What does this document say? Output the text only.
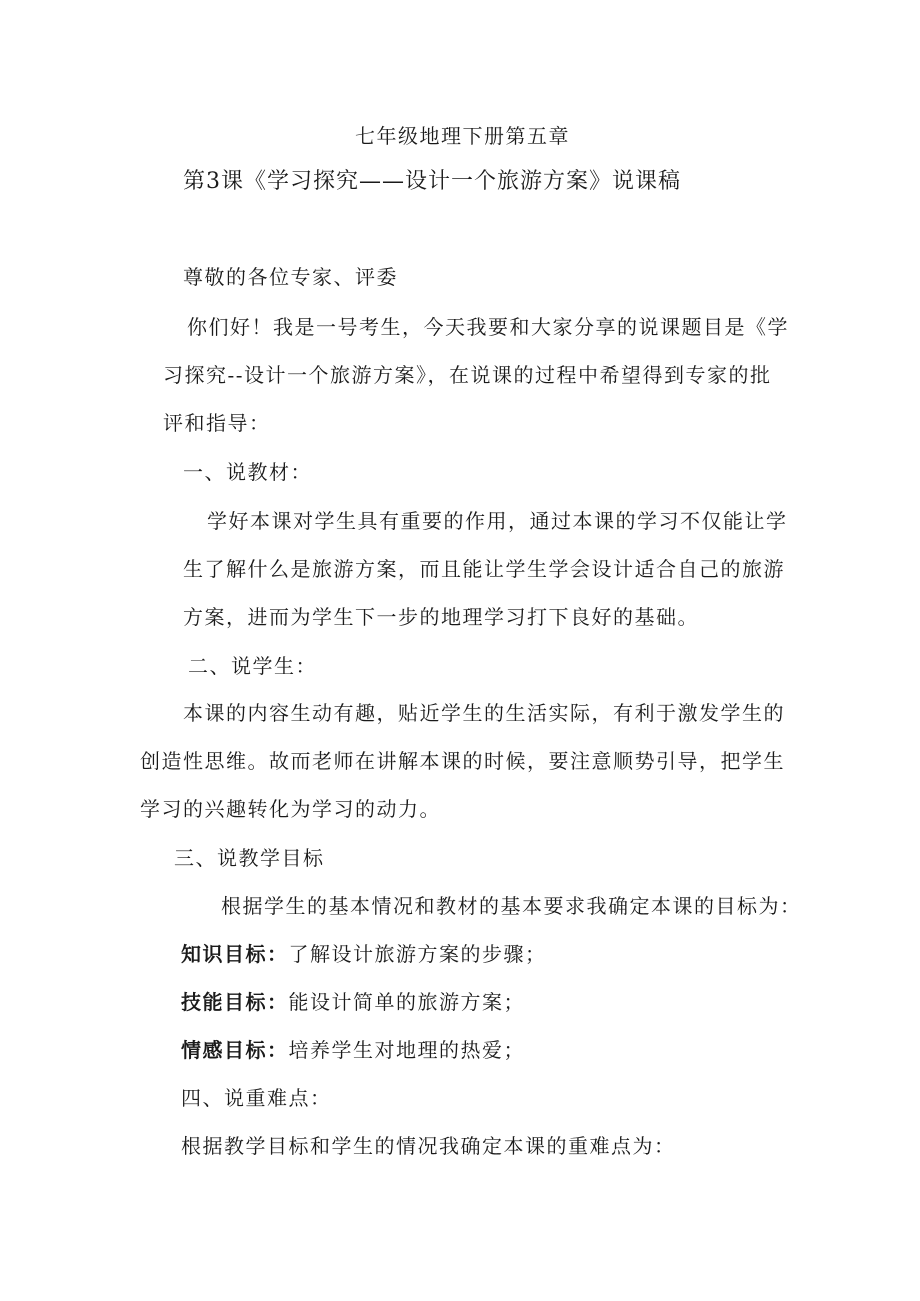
七年级地理下册第五章
第3课《学习探究——设计一个旅游方案》说课稿
尊敬的各位专家、评委
你们好！我是一号考生，今天我要和大家分享的说课题目是《学
习探究--设计一个旅游方案》，在说课的过程中希望得到专家的批
评和指导：
一、说教材：
学好本课对学生具有重要的作用，通过本课的学习不仅能让学
生了解什么是旅游方案，而且能让学生学会设计适合自己的旅游
方案，进而为学生下一步的地理学习打下良好的基础。
二、说学生：
本课的内容生动有趣，贴近学生的生活实际，有利于激发学生的
创造性思维。故而老师在讲解本课的时候，要注意顺势引导，把学生
学习的兴趣转化为学习的动力。
三、说教学目标
根据学生的基本情况和教材的基本要求我确定本课的目标为：
知识目标：了解设计旅游方案的步骤；
技能目标：能设计简单的旅游方案；
情感目标：培养学生对地理的热爱；
四、说重难点：
根据教学目标和学生的情况我确定本课的重难点为：
